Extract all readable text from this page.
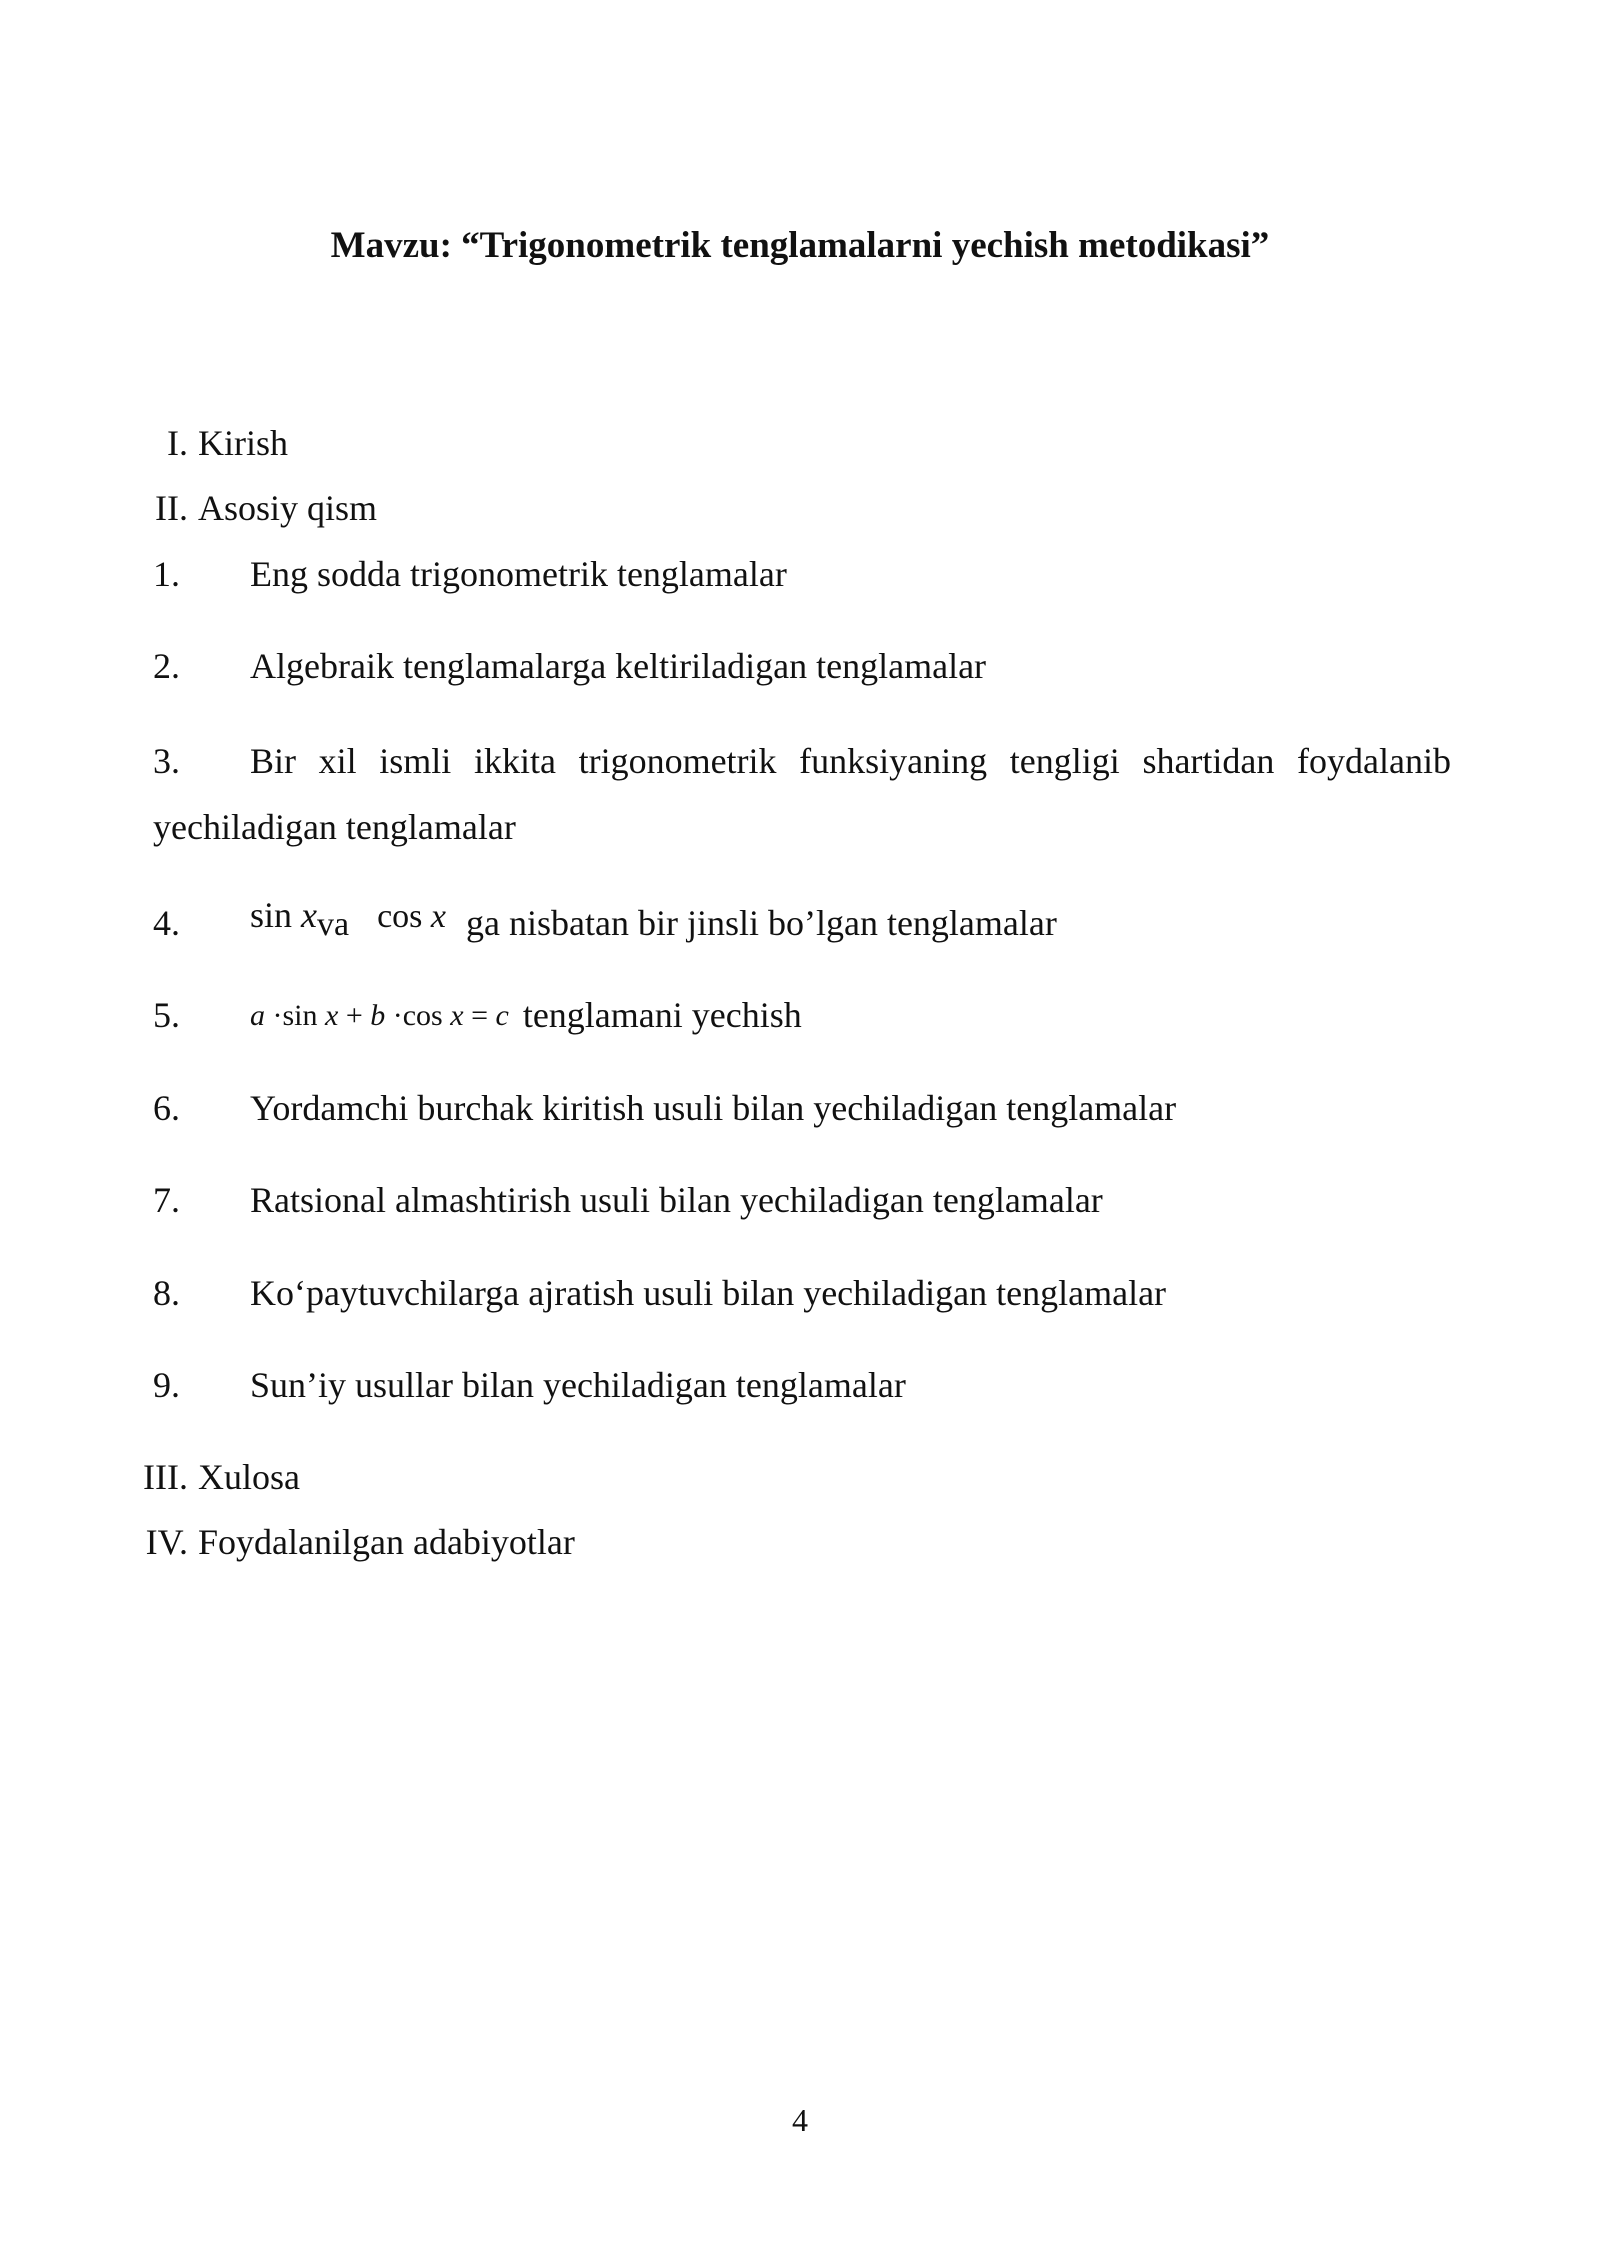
Mavzu: “Trigonometrik tenglamalarni yechish metodikasi”
I. Kirish
II. Asosiy qism
1. Eng sodda trigonometrik tenglamalar
2. Algebraik tenglamalarga keltiriladigan tenglamalar
3. Bir xil ismli ikkita trigonometrik funksiyaning tengligi shartidan foydalanib yechiladigan tenglamalar
4. sin xva cos x ga nisbatan bir jinsli bo’lgan tenglamalar
5. a ·sin x + b ·cos x = c tenglamani yechish
6. Yordamchi burchak kiritish usuli bilan yechiladigan tenglamalar
7. Ratsional almashtirish usuli bilan yechiladigan tenglamalar
8. Ko‘paytuvchilarga ajratish usuli bilan yechiladigan tenglamalar
9. Sun’iy usullar bilan yechiladigan tenglamalar
III. Xulosa
IV. Foydalanilgan adabiyotlar
4
